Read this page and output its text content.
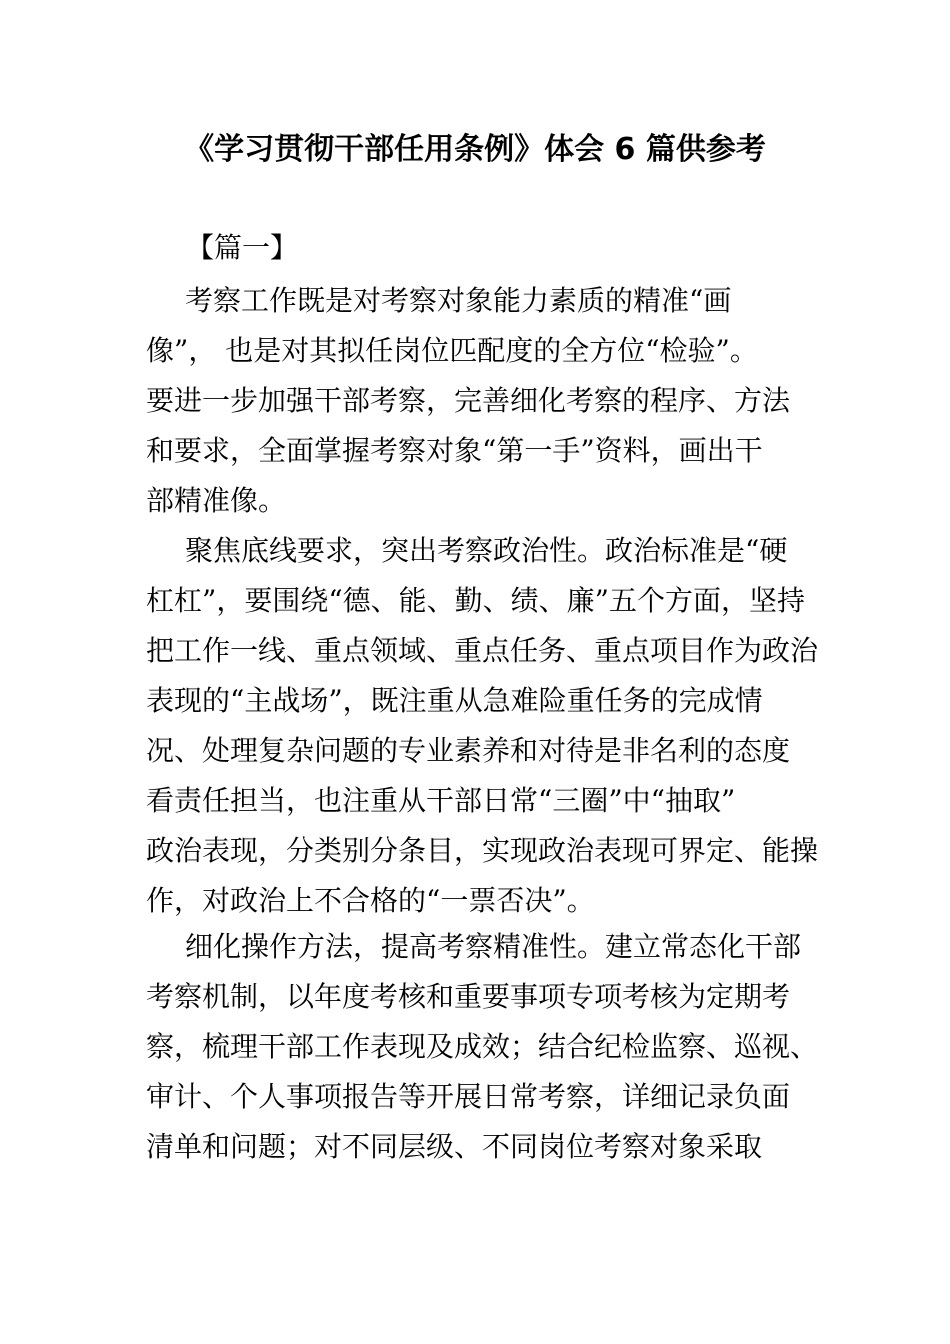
《学习贯彻干部任用条例》体会 6 篇供参考
【篇一】
考察工作既是对考察对象能力素质的精准“画
像”， 也是对其拟任岗位匹配度的全方位“检验”。
要进一步加强干部考察，完善细化考察的程序、方法
和要求，全面掌握考察对象“第一手”资料，画出干
部精准像。
聚焦底线要求，突出考察政治性。政治标准是“硬
杠杠”，要围绕“德、能、勤、绩、廉”五个方面，坚持
把工作一线、重点领域、重点任务、重点项目作为政治
表现的“主战场”，既注重从急难险重任务的完成情
况、处理复杂问题的专业素养和对待是非名利的态度
看责任担当，也注重从干部日常“三圈”中“抽取”
政治表现，分类别分条目，实现政治表现可界定、能操
作，对政治上不合格的“一票否决”。
细化操作方法，提高考察精准性。建立常态化干部
考察机制，以年度考核和重要事项专项考核为定期考
察，梳理干部工作表现及成效；结合纪检监察、巡视、
审计、个人事项报告等开展日常考察，详细记录负面
清单和问题；对不同层级、不同岗位考察对象采取
